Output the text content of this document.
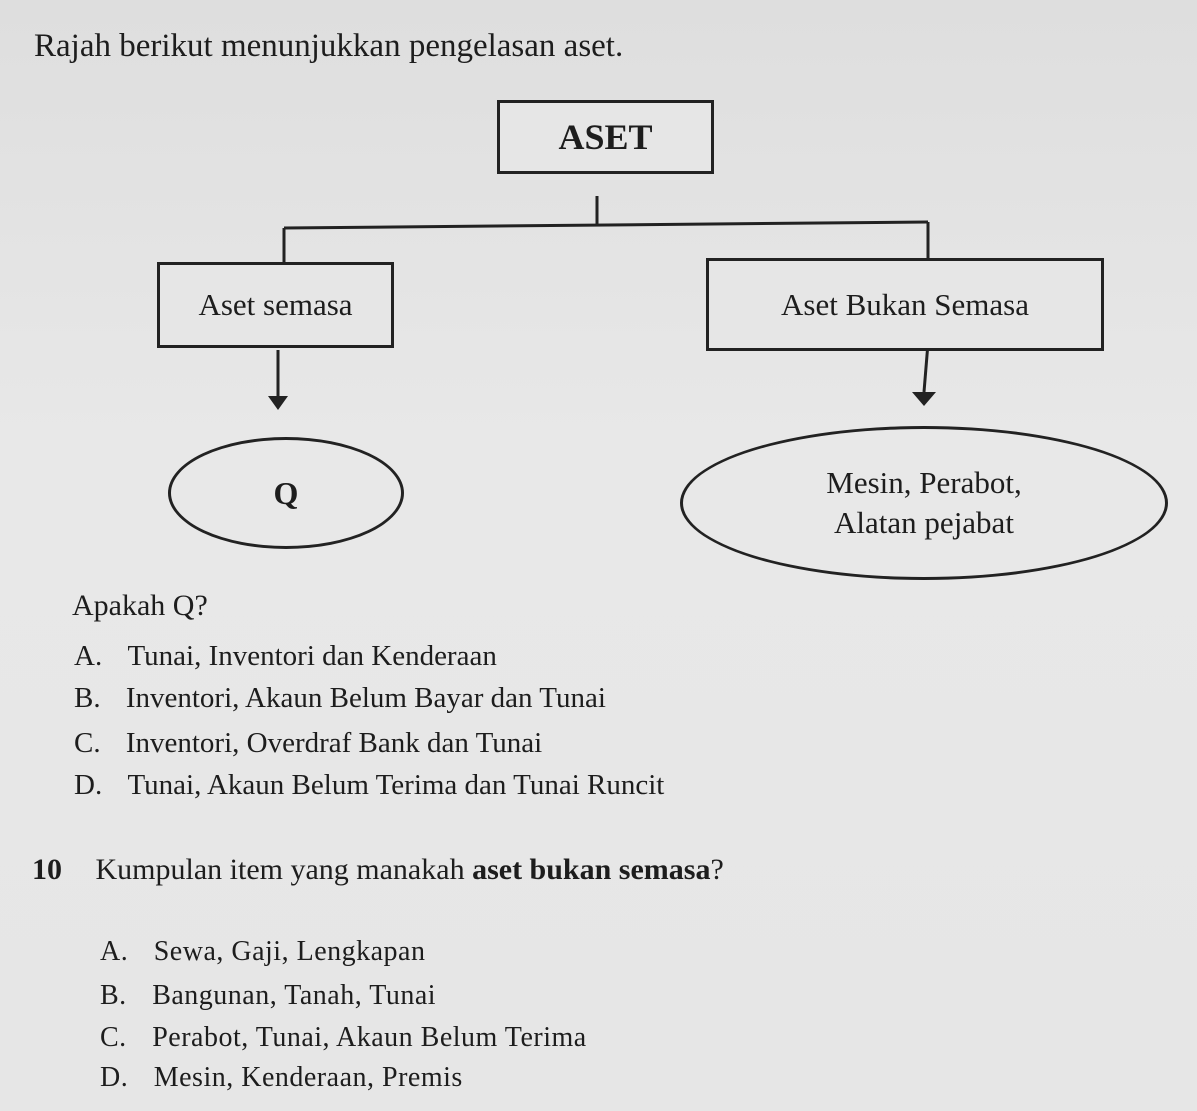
Rajah berikut menunjukkan pengelasan aset.
ASET
Aset semasa	Aset Bukan Semasa
Q	Mesin, Perabot,
Alatan pejabat
Apakah Q?
A. Tunai, Inventori dan Kenderaan
B. Inventori, Akaun Belum Bayar dan Tunai
C. Inventori, Overdraf Bank dan Tunai
D. Tunai, Akaun Belum Terima dan Tunai Runcit
10 Kumpulan item yang manakah aset bukan semasa?
A. Sewa, Gaji, Lengkapan
B. Bangunan, Tanah, Tunai
C. Perabot, Tunai, Akaun Belum Terima
D. Mesin, Kenderaan, Premis
